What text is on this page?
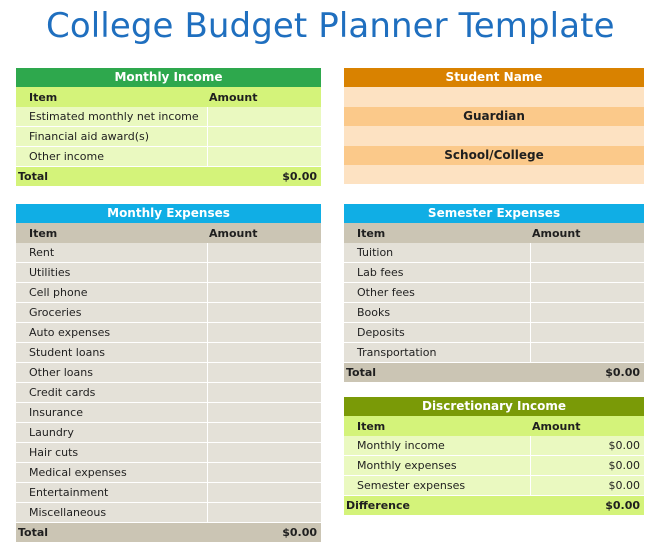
College Budget Planner Template
Monthly Income	
Item	Amount
Estimated monthly net income	
Financial aid award(s)	
Other income	
Total	$0.00
Student Name

Guardian

School/College

Monthly Expenses	
Item	Amount
Rent	
Utilities	
Cell phone	
Groceries	
Auto expenses	
Student loans	
Other loans	
Credit cards	
Insurance	
Laundry	
Hair cuts	
Medical expenses	
Entertainment	
Miscellaneous	
Total	$0.00
Semester Expenses	
Item	Amount
Tuition	
Lab fees	
Other fees	
Books	
Deposits	
Transportation	
Total	$0.00
Discretionary Income	
Item	Amount
Monthly income	$0.00
Monthly expenses	$0.00
Semester expenses	$0.00
Difference	$0.00
